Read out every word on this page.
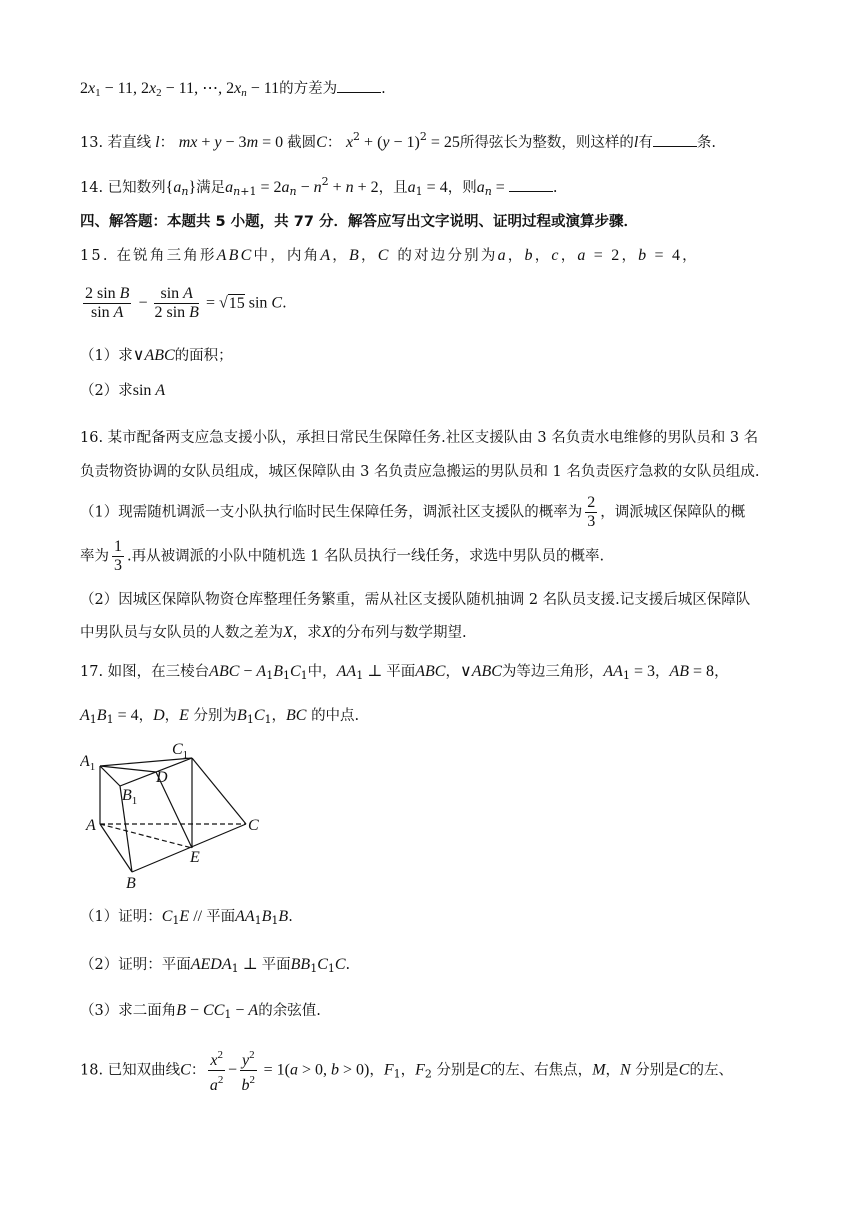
$2x_1 - 11$, $2x_2 - 11$, ⋯, $2x_n - 11$的方差为	.
13. 若直线 l： mx + y − 3m = 0 截圆C： $x^2 + (y - 1)^2 = 25$所得弦长为整数，则这样的l有	条.
14. 已知数列$\{a_n\}$满足$a_{n+1} = 2a_n - n^2 + n + 2$，且$a_1 = 4$，则$a_n$ =	.
四、解答题：本题共 5 小题，共 77 分．解答应写出文字说明、证明过程或演算步骤．
15. 在锐角三角形ABC中，内角A，B，C 的对边分别为a，b，c，a = 2，b = 4，
$\frac{\text{2 sin B}}{\text{sin A}} - \frac{\text{sin A}}{\text{2 sin B}} = √15$ sin C.
（1）求∨ABC的面积；
（2）求sin A
16. 某市配备两支应急支援小队，承担日常民生保障任务.社区支援队由 3 名负责水电维修的男队员和 3 名
负责物资协调的女队员组成，城区保障队由 3 名负责应急搬运的男队员和 1 名负责医疗急救的女队员组成.
（1）现需随机调派一支小队执行临时民生保障任务，调派社区支援队的概率为 $\frac{2}{3}$ ，调派城区保障队的概
率为 $\frac{1}{3}$ .再从被调派的小队中随机选 1 名队员执行一线任务，求选中男队员的概率.
（2）因城区保障队物资仓库整理任务繁重，需从社区支援队随机抽调 2 名队员支援.记支援后城区保障队
中男队员与女队员的人数之差为X，求X的分布列与数学期望.
17. 如图，在三棱台ABC − $A_1B_1C_1$中，$AA_1$ ⊥ 平面ABC，∨ABC为等边三角形，$AA_1 = 3$，AB = 8，
$A_1B_1 = 4$，D，E 分别为$B_1C_1$，BC 的中点.
$A_1$
$C_1$
D
$B_1$
A	C
E
B
（1）证明：$C_1E$ // 平面$AA_1B_1B$.
（2）证明：平面$AEDA_1$ ⊥ 平面$BB_1C_1C$.
（3）求二面角$B - CC_1 - A$的余弦值.
18. 已知双曲线C： $\frac{x^2}{a^2} - \frac{y^2}{b^2} = 1(a > 0$, b > 0)，$F_1$，$F_2$ 分别是C的左、右焦点，M，N 分别是C的左、
